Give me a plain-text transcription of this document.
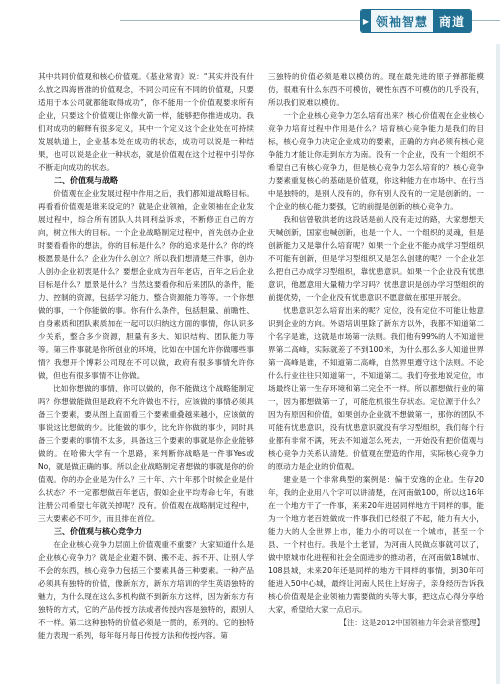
▶ 领袖智慧 商道

其中共同价值观和核心价值观。《基业常青》说：“其实并没有什么放之四海皆准的价值观念，不同公司应有不同的价值观，只要适用于本公司就都能取得成功”，你不能用一个价值观要求所有企业，只要这个价值观让你像火箭一样，能够把你推进成功。我们对成功的解释有很多定义，其中一个定义这个企业处在可持续发展轨道上，企业基本处在成功的状态，成功可以说是一种结果，也可以说是企业一种状态，就是价值观在这个过程中引导你不断走向成功的状态。

二、价值观与战略

价值观在企业发展过程中作用之后，我们都知道战略目标。再看看价值观是谁来设定的？就是企业领袖，企业领袖在企业发展过程中，综合所有团队人共同利益诉求，不断修正自己的方向，树立伟大的目标。一个企业战略制定过程中，首先创办企业时要看看你的想法，你的目标是什么？你的追求是什么？你的终极愿景是什么？企业为什么创立？所以我们想清楚三件事，创办人创办企业初衷是什么？要想企业成为百年老店，百年之后企业目标是什么？愿景是什么？当然这要看你和后来团队的条件，能力、控制的资源，包括学习能力、整合资源能力等等。一个你想做的事，一个你能做的事。你有什么条件，包括胆量、前瞻性、自身素质和团队素质加在一起可以归纳这方面的事情，你认识多少关系，整合多少资源，胆量有多大、知识结构、团队能力等等。第三件事就是你所创业的环境，比如在中国允许你做哪些事情？我想开个博彩公司现在不可以做，政府有很多事情允许你做，但也有很多事情不让你做。

比如你想做的事情、你可以做的，你不能做这个战略能制定吗？你想做能做但是政府不允许做也不行，应该做的事情必须具备三个要素，要从图上直面看三个要素重叠越来越小，应该做的事说这比想做的少。比能做的事少，比允许你做的事少，同时具备三个要素的事情不太多，具备这三个要素的事就是你企业能够做的。在哈佛大学有一个思路，来判断你战略是一件事Yes或No，就是做正确的事。所以企业战略制定者想做的事就是你的价值观。你的办企业是为什么？三十年、六十年那个时候企业是什么状态？不一定都想做百年老店，假如企业平均寿命七年，有谁注册公司希望七年就关掉呢？没有。价值观在战略制定过程中，三大要素必不可少，而且排在首位。

三、价值观与核心竞争力

在企业核心竞争力层面上价值观重不重要？大家知道什么是企业核心竞争力？就是企业避不倒、搬不走、拆不开、让别人学不会的东西，核心竞争力包括三个要素具备三种要素。一种产品必须具有独特的价值，像新东方，新东方培训的学生英语独特的魅力，为什么现在这么多机构做不到新东方这样，因为新东方有独特的方式，它的产品传授方法或者传授内容是独特的，跟别人不一样。第二这种独特的价值必须是一贯的，系列的。它的独特能力表现一系列，每年每月每日传授方法和传授内容。第

三独特的价值必须是难以模仿的。现在最先进的原子弹都能模仿，很难有什么东西不可模仿，硬性东西不可模仿的几乎没有，所以我们说难以模仿。

一个企业核心竞争力怎么培育出来？核心价值观在企业核心竞争力培育过程中作用是什么？培育核心竞争能力是我们的目标，核心竞争力决定企业成功的要素，正确的方向必须有核心竞争能力才能让你走到东方为南。没有一个企业，没有一个组织不希望自己有核心竞争力，但是核心竞争力怎么培育的？核心竞争力要素重复核心的基础是价值观，你这种能力在市场中、在行当中是独特的，是别人没有的，你有别人没有的一定是创新的。一个企业的核心能力要强，它的前提是创新的核心竞争力。

我和信曾敬洪老的这段话是前人没有走过的路，大家想想天天喊创新，国家也喊创新，也是一个人、一个组织的灵魂，但是创新能力又是靠什么培育呢？如果一个企业不能办成学习型组织不可能有创新，但是学习型组织又是怎么创建的呢？一个企业怎么把自己办成学习型组织，靠忧患意识。如果一个企业没有忧患意识，他愿意用大量精力学习吗？忧患意识是创办学习型组织的前提优势，一个企业没有忧患意识不愿意做在那里开展会。

忧患意识怎么培育出来的呢？定位，没有定位不可能让他意识到企业的方向。外语培训里除了新东方以外，我都不知道第二个名字是谁，这就是市场第一法则。我们他有99%的人不知道世界第二高峰，实际就差了不到100米，为什么那么多人知道世界第一高峰是谁，不知道第二高峰，自然界里遵守这个法则。不论什么行业往往只知道第一，不知道第二。我们夸张地说定位，市场最终让第一生存环境和第二完全不一样。所以都想做行业的第一，因为都想做第一了，可能危机很生存状态。定位源于什么？因为有原因和价值，如果创办企业就不想做第一，那你的团队不可能有忧患意识，没有忧患意识就没有学习型组织，我们每个行业都有非常不满，死去不知道怎么死去，一开始没有把价值观与核心竞争力关系认清楚。价值观在塑造的作用，实际核心竞争力的原动力是企业的价值观。

建业是一个非常典型的案例是：偏于安逸的企业。生存20年，我的企业用八个字可以讲清楚，在河南做100，所以这16年在一个地方干了一件事，来来20年进居同样地方干同样的事，能为一个地方老百姓做成一件事我们已经很了不起，能力有大小，能力大的人全世界上市，能力小的可以在一个城市，甚至一个县、一个村也行。我是个土老冒，为河南人民做点事就可以了，做中原城市化进程和社会全面进步的推动者，在河南做18城市、108县城，未来20年还是同样的地方干同样的事情，到30年可能进入50中心城，最终让河南人民住上好房子，亲身经历告诉我核心价值观是企业领袖力需要做的头等大事，把这点心得分享给大家，希望给大家一点启示。

【注：这是2012中国领袖力年会录音整理】
